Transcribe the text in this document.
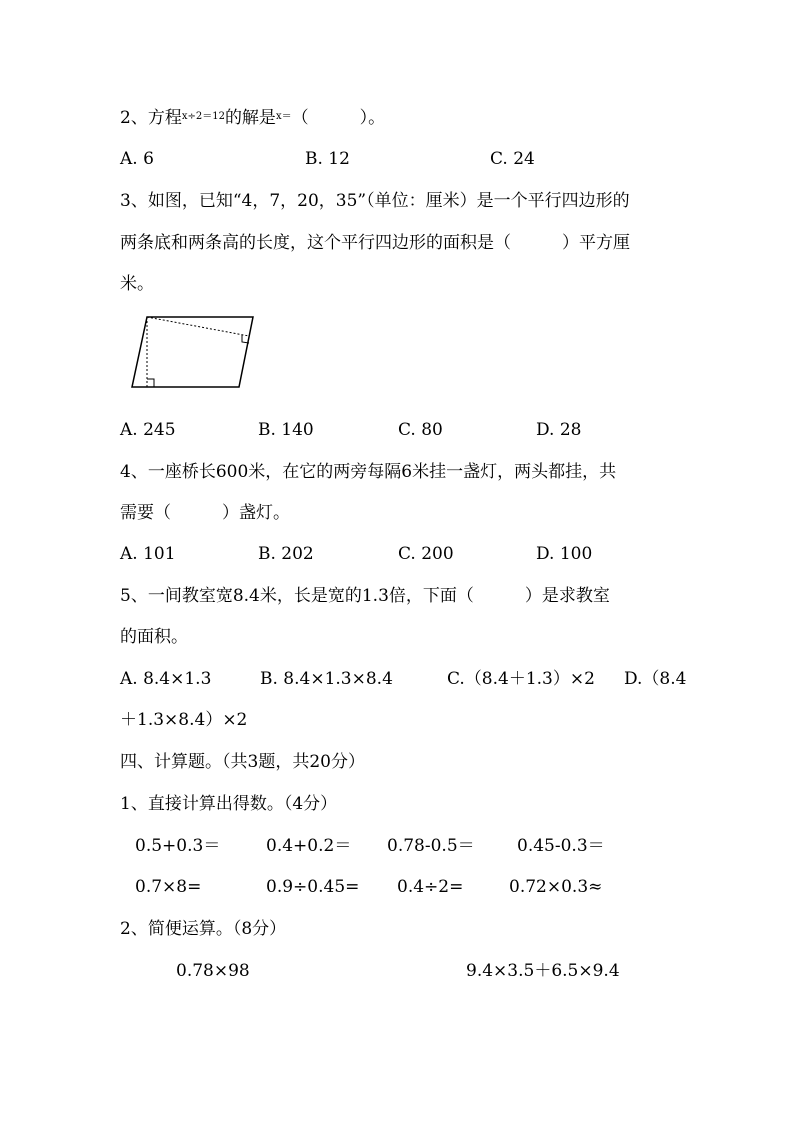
2、方程$^{x\div 2=12}$的解是$^{x=}$（　　　）。
A. 6	B. 12	C. 24
3、如图，已知“4，7，20，35”（单位：厘米）是一个平行四边形的
两条底和两条高的长度，这个平行四边形的面积是（　　　）平方厘
米。
A. 245	B. 140	C. 80	D. 28
4、一座桥长600米，在它的两旁每隔6米挂一盏灯，两头都挂，共
需要（　　　）盏灯。
A. 101	B. 202	C. 200	D. 100
5、一间教室宽8.4米，长是宽的1.3倍，下面（　　　）是求教室
的面积。
A. 8.4×1.3	B. 8.4×1.3×8.4	C.（8.4＋1.3）×2 D.（8.4
＋1.3×8.4）×2
四、计算题。（共3题，共20分）
1、直接计算出得数。（4分）
0.5+0.3＝	0.4+0.2＝ 0.78-0.5＝ 0.45-0.3＝
0.7×8=	0.9÷0.45= 0.4÷2=	0.72×0.3≈
2、简便运算。（8分）
0.78×98	9.4×3.5＋6.5×9.4
